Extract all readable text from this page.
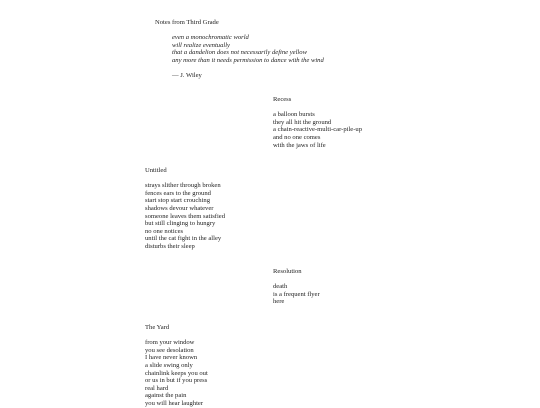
Notes from Third Grade
even a monochromatic world
will realize eventually
that a dandelion does not necessarily define yellow
any more than it needs permission to dance with the wind
— J. Wiley
Recess
a balloon bursts
they all hit the ground
a chain-reactive-multi-car-pile-up
and no one comes
with the jaws of life
Untitled
strays slither through broken
fences ears to the ground
start stop start crouching
shadows devour whatever
someone leaves them satisfied
but still clinging to hungry
no one notices
until the cat fight in the alley
disturbs their sleep
Resolution
death
is a frequent flyer
here
The Yard
from your window
you see desolation
I have never known
a slide swing only
chainlink keeps you out
or us in but if you press
real hard
against the pain
you will hear laughter
